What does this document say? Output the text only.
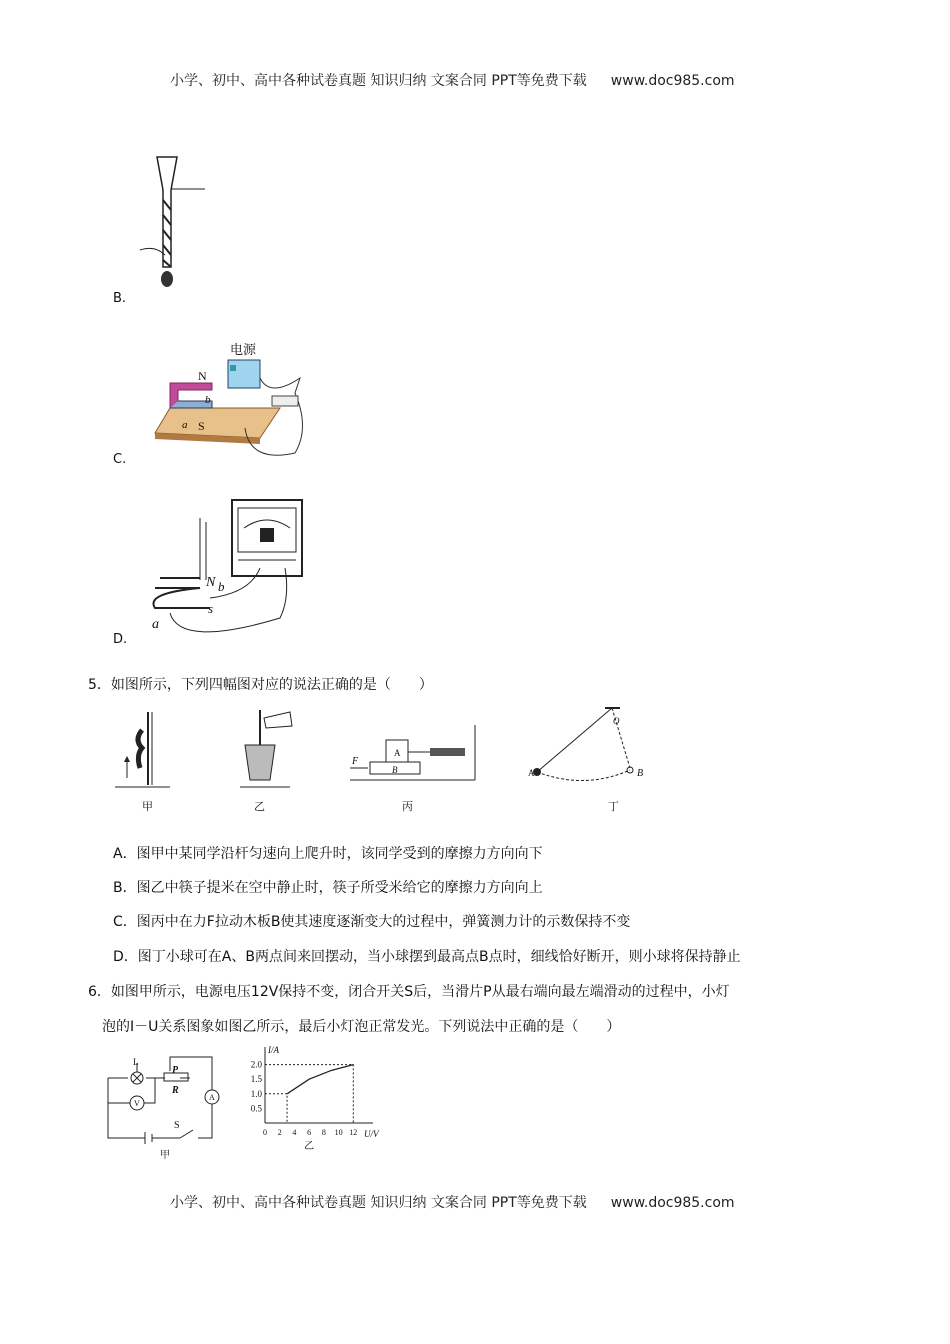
小学、初中、高中各种试卷真题 知识归纳 文案合同 PPT等免费下载 www.doc985.com
B.
电源
N
S
a
b
C.
N b
a
s
D.
5．如图所示，下列四幅图对应的说法正确的是（　　）
甲	乙
F
A
B
丙
O
A	B
丁
A．图甲中某同学沿杆匀速向上爬升时，该同学受到的摩擦力方向向下
B．图乙中筷子提米在空中静止时，筷子所受米给它的摩擦力方向向上
C．图丙中在力F拉动木板B使其速度逐渐变大的过程中，弹簧测力计的示数保持不变
D．图丁小球可在A、B两点间来回摆动，当小球摆到最高点B点时，细线恰好断开，则小球将保持静止
6．如图甲所示，电源电压12V保持不变，闭合开关S后，当滑片P从最右端向最左端滑动的过程中，小灯
泡的I－U关系图象如图乙所示，最后小灯泡正常发光。下列说法中正确的是（　　）
L
P
R
A
V
S
甲
I/A
U/V
0.5
1.0
1.5
2.0
0 2 4 6 8 10 12
乙
小学、初中、高中各种试卷真题 知识归纳 文案合同 PPT等免费下载 www.doc985.com
